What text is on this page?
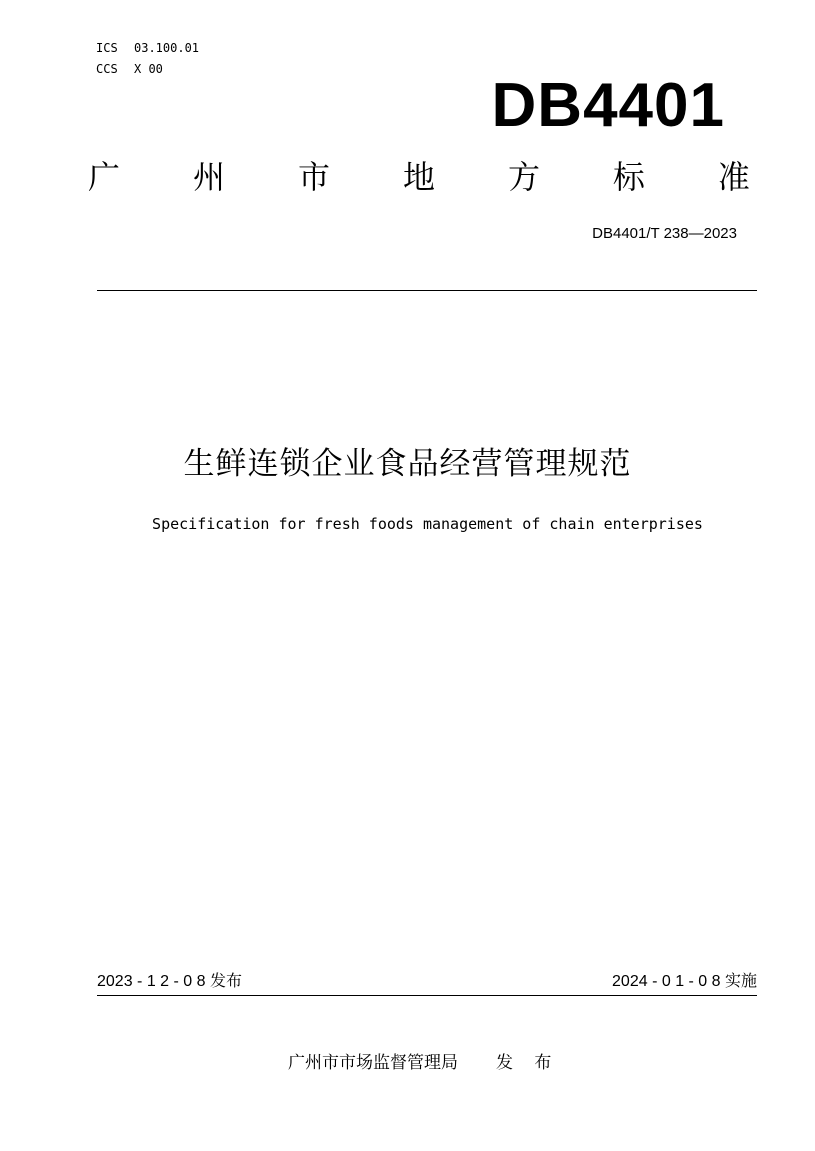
ICS 03.100.01
CCS X 00
DB4401
广 州 市 地 方 标 准
DB4401/T 238—2023
生鲜连锁企业食品经营管理规范
Specification for fresh foods management of chain enterprises
2023 - 1 2 - 0 8 发布	2024 - 0 1 - 0 8 实施
广州市市场监督管理局 发 布
